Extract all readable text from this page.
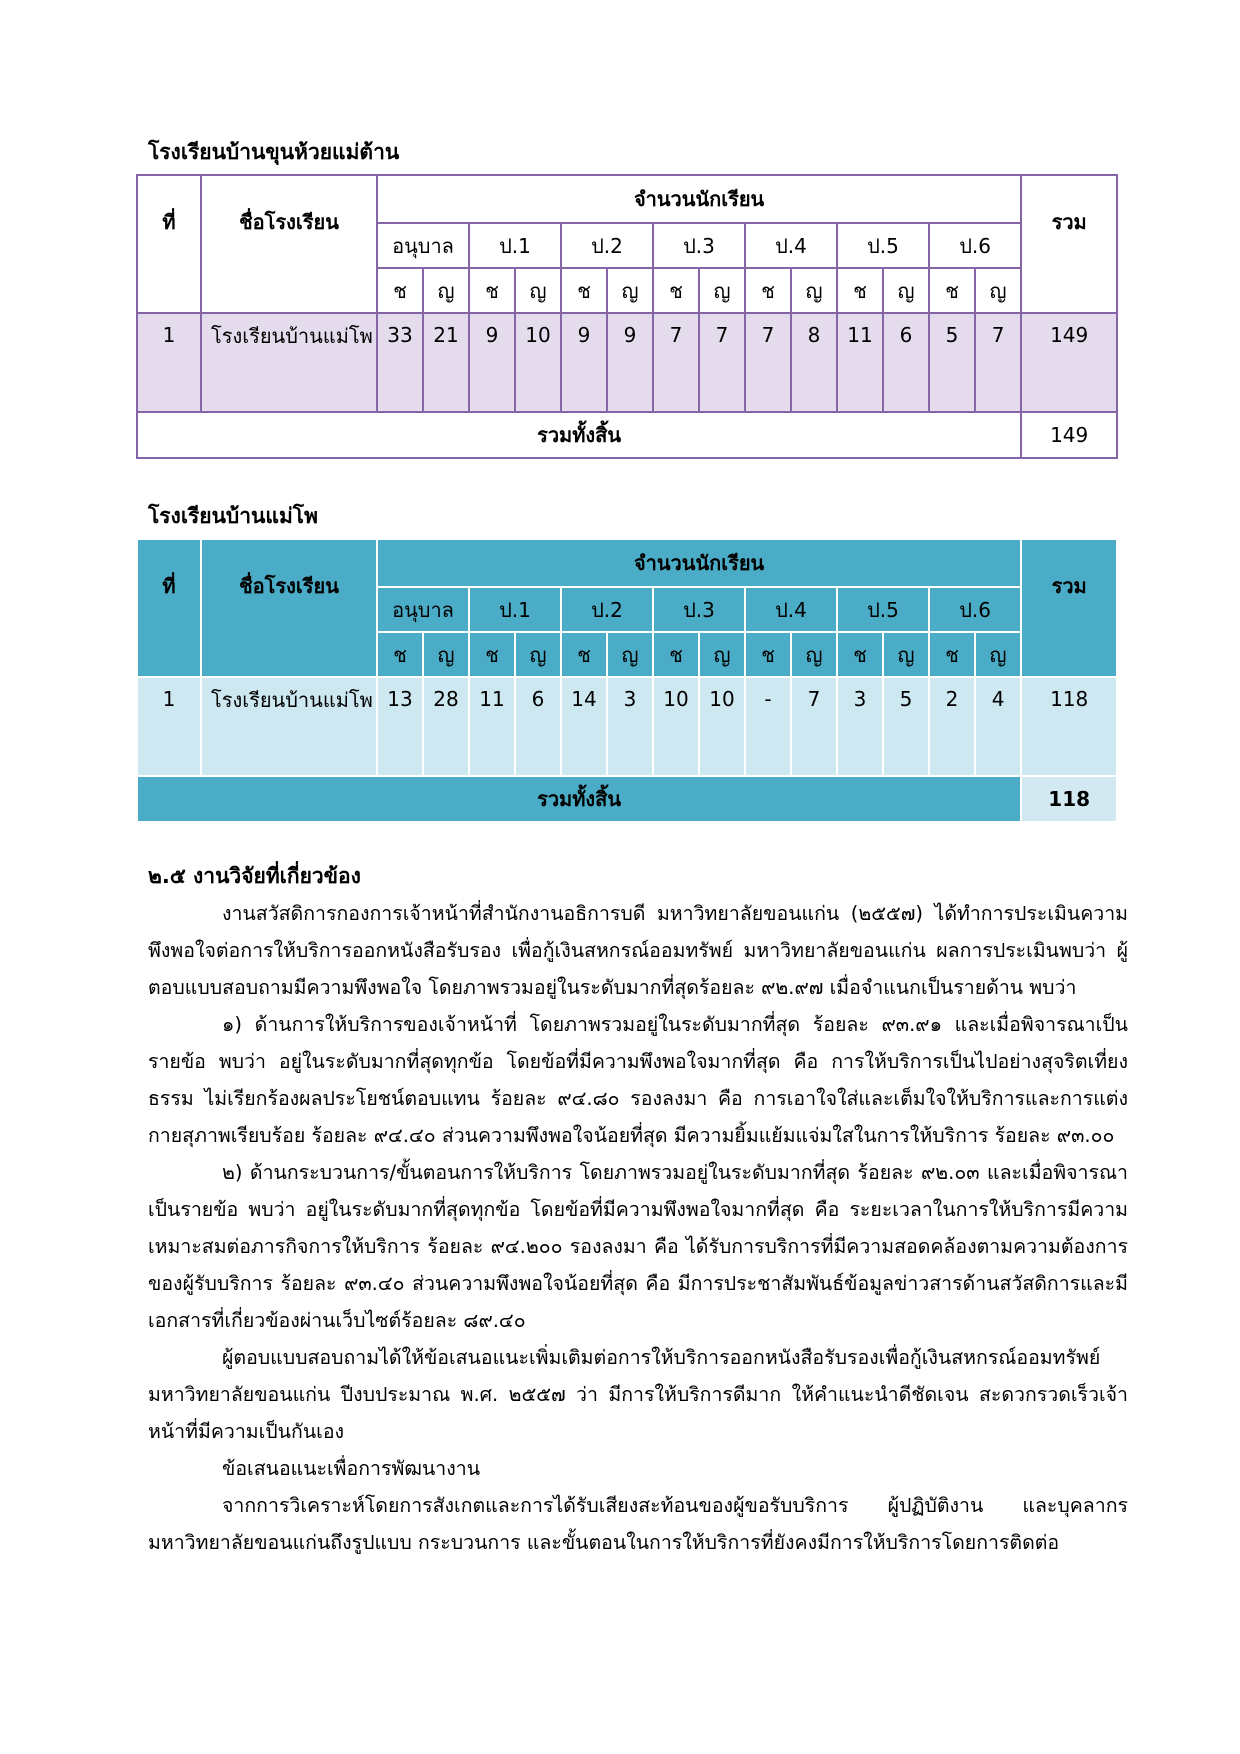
โรงเรียนบ้านขุนห้วยแม่ต้าน
ที่	ชื่อโรงเรียน	จำนวนนักเรียน														รวม
		อนุบาล		ป.1		ป.2		ป.3		ป.4		ป.5		ป.6		
		ช	ญ	ช	ญ	ช	ญ	ช	ญ	ช	ญ	ช	ญ	ช	ญ	
1	โรงเรียนบ้านแม่โพ	33	21	9	10	9	9	7	7	7	8	11	6	5	7	149
รวมทั้งสิ้น																149
โรงเรียนบ้านแม่โพ
ที่	ชื่อโรงเรียน	จำนวนนักเรียน														รวม
		อนุบาล		ป.1		ป.2		ป.3		ป.4		ป.5		ป.6		
		ช	ญ	ช	ญ	ช	ญ	ช	ญ	ช	ญ	ช	ญ	ช	ญ	
1	โรงเรียนบ้านแม่โพ	13	28	11	6	14	3	10	10	-	7	3	5	2	4	118
รวมทั้งสิ้น																118
๒.๕ งานวิจัยที่เกี่ยวข้อง

งานสวัสดิการกองการเจ้าหน้าที่สำนักงานอธิการบดี มหาวิทยาลัยขอนแก่น (๒๕๕๗) ได้ทำการประเมินความพึงพอใจต่อการให้บริการออกหนังสือรับรอง เพื่อกู้เงินสหกรณ์ออมทรัพย์ มหาวิทยาลัยขอนแก่น ผลการประเมินพบว่า ผู้ตอบแบบสอบถามมีความพึงพอใจ โดยภาพรวมอยู่ในระดับมากที่สุดร้อยละ ๙๒.๙๗ เมื่อจำแนกเป็นรายด้าน พบว่า

๑) ด้านการให้บริการของเจ้าหน้าที่ โดยภาพรวมอยู่ในระดับมากที่สุด ร้อยละ ๙๓.๙๑ และเมื่อพิจารณาเป็นรายข้อ พบว่า อยู่ในระดับมากที่สุดทุกข้อ โดยข้อที่มีความพึงพอใจมากที่สุด คือ การให้บริการเป็นไปอย่างสุจริตเที่ยงธรรม ไม่เรียกร้องผลประโยชน์ตอบแทน ร้อยละ ๙๔.๘๐ รองลงมา คือ การเอาใจใส่และเต็มใจให้บริการและการแต่งกายสุภาพเรียบร้อย ร้อยละ ๙๔.๔๐ ส่วนความพึงพอใจน้อยที่สุด มีความยิ้มแย้มแจ่มใสในการให้บริการ ร้อยละ ๙๓.๐๐

๒) ด้านกระบวนการ/ขั้นตอนการให้บริการ โดยภาพรวมอยู่ในระดับมากที่สุด ร้อยละ ๙๒.๐๓ และเมื่อพิจารณาเป็นรายข้อ พบว่า อยู่ในระดับมากที่สุดทุกข้อ โดยข้อที่มีความพึงพอใจมากที่สุด คือ ระยะเวลาในการให้บริการมีความเหมาะสมต่อภารกิจการให้บริการ ร้อยละ ๙๔.๒๐๐ รองลงมา คือ ได้รับการบริการที่มีความสอดคล้องตามความต้องการของผู้รับบริการ ร้อยละ ๙๓.๔๐ ส่วนความพึงพอใจน้อยที่สุด คือ มีการประชาสัมพันธ์ข้อมูลข่าวสารด้านสวัสดิการและมีเอกสารที่เกี่ยวข้องผ่านเว็บไซต์ร้อยละ ๘๙.๔๐

ผู้ตอบแบบสอบถามได้ให้ข้อเสนอแนะเพิ่มเติมต่อการให้บริการออกหนังสือรับรองเพื่อกู้เงินสหกรณ์ออมทรัพย์ มหาวิทยาลัยขอนแก่น ปีงบประมาณ พ.ศ. ๒๕๕๗ ว่า มีการให้บริการดีมาก ให้คำแนะนำดีชัดเจน สะดวกรวดเร็วเจ้าหน้าที่มีความเป็นกันเอง

ข้อเสนอแนะเพื่อการพัฒนางาน

จากการวิเคราะห์โดยการสังเกตและการได้รับเสียงสะท้อนของผู้ขอรับบริการ ผู้ปฏิบัติงาน และบุคลากรมหาวิทยาลัยขอนแก่นถึงรูปแบบ กระบวนการ และขั้นตอนในการให้บริการที่ยังคงมีการให้บริการโดยการติดต่อ
